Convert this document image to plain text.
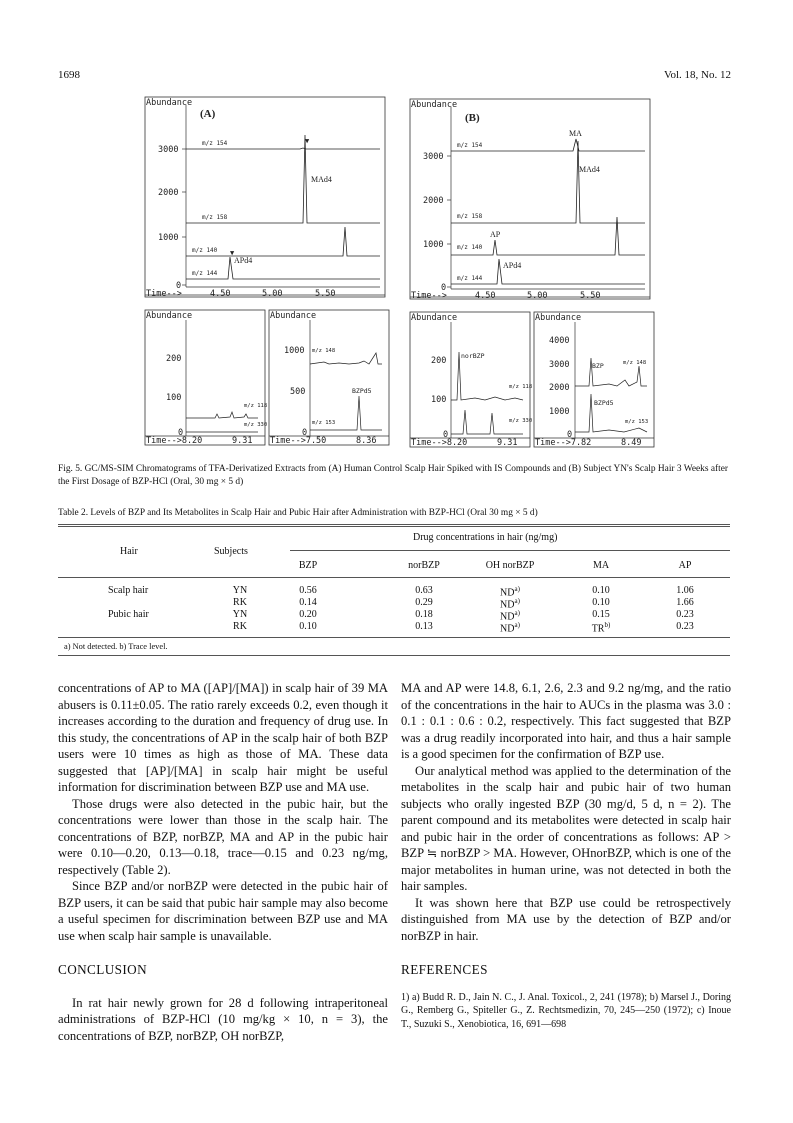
1698	Vol. 18, No. 12
Abundance
(A)
3000
2000
1000
0
m/z 154
m/z 158
m/z 140
m/z 144
MAd4
APd4
▼
▼
Time-->	4.50	5.00	5.50
Abundance
(B)
3000
2000
1000
0
m/z 154
m/z 158
m/z 140
m/z 144
MA
MAd4
AP
APd4
Time-->	4.50	5.00	5.50
Abundance
200
100
0
m/z 118
m/z 330
Time-->8.20	9.31
Abundance
1000
500
0
m/z 148
m/z 153
BZPd5
Time-->7.50	8.36
Abundance
200
100
0
norBZP
m/z 118
m/z 330
Time-->8.20	9.31
Abundance
4000
3000
2000
1000
0
BZP	m/z 148
BZPd5
m/z 153
Time-->7.82	8.49
Fig. 5. GC/MS-SIM Chromatograms of TFA-Derivatized Extracts from (A) Human Control Scalp Hair Spiked with IS Compounds and (B) Subject YN's Scalp Hair 3 Weeks after the First Dosage of BZP-HCl (Oral, 30 mg × 5 d)
Table 2. Levels of BZP and Its Metabolites in Scalp Hair and Pubic Hair after Administration with BZP-HCl (Oral 30 mg × 5 d)
Hair	Subjects
Drug concentrations in hair (ng/mg)
BZP	norBZP	OH norBZP	MA	AP
Scalp hair	YN	0.56	0.63	ND$^{a)}$	0.10	1.06
RK	0.14	0.29	ND$^{a)}$	0.10	1.66
Pubic hair	YN	0.20	0.18	ND$^{a)}$	0.15	0.23
RK	0.10	0.13	ND$^{a)}$	TR$^{b)}$	0.23
a) Not detected. b) Trace level.

concentrations of AP to MA ([AP]/[MA]) in scalp hair of 39 MA abusers is 0.11±0.05. The ratio rarely exceeds 0.2, even though it increases according to the duration and frequency of drug use. In this study, the concentrations of AP in the scalp hair of both BZP users were 10 times as high as those of MA. These data suggested that [AP]/[MA] in scalp hair might be useful information for discrimination between BZP use and MA use.

Those drugs were also detected in the pubic hair, but the concentrations were lower than those in the scalp hair. The concentrations of BZP, norBZP, MA and AP in the pubic hair were 0.10—0.20, 0.13—0.18, trace—0.15 and 0.23 ng/mg, respectively (Table 2).

Since BZP and/or norBZP were detected in the pubic hair of BZP users, it can be said that pubic hair sample may also become a useful specimen for discrimination between BZP use and MA use when scalp hair sample is unavailable.

CONCLUSION

In rat hair newly grown for 28 d following intraperitoneal administrations of BZP-HCl (10 mg/kg × 10, n = 3), the concentrations of BZP, norBZP, OH norBZP,

MA and AP were 14.8, 6.1, 2.6, 2.3 and 9.2 ng/mg, and the ratio of the concentrations in the hair to AUCs in the plasma was 3.0 : 0.1 : 0.1 : 0.6 : 0.2, respectively. This fact suggested that BZP was a drug readily incorporated into hair, and thus a hair sample is a good specimen for the confirmation of BZP use.

Our analytical method was applied to the determination of the metabolites in the scalp hair and pubic hair of two human subjects who orally ingested BZP (30 mg/d, 5 d, n = 2). The parent compound and its metabolites were detected in scalp hair and pubic hair in the order of concentrations as follows: AP > BZP ≒ norBZP > MA. However, OHnorBZP, which is one of the major metabolites in human urine, was not detected in both the hair samples.

It was shown here that BZP use could be retrospectively distinguished from MA use by the detection of BZP and/or norBZP in hair.

REFERENCES

1) a) Budd R. D., Jain N. C., J. Anal. Toxicol., 2, 241 (1978); b) Marsel J., Doring G., Remberg G., Spiteller G., Z. Rechtsmedizin, 70, 245—250 (1972); c) Inoue T., Suzuki S., Xenobiotica, 16, 691—698
